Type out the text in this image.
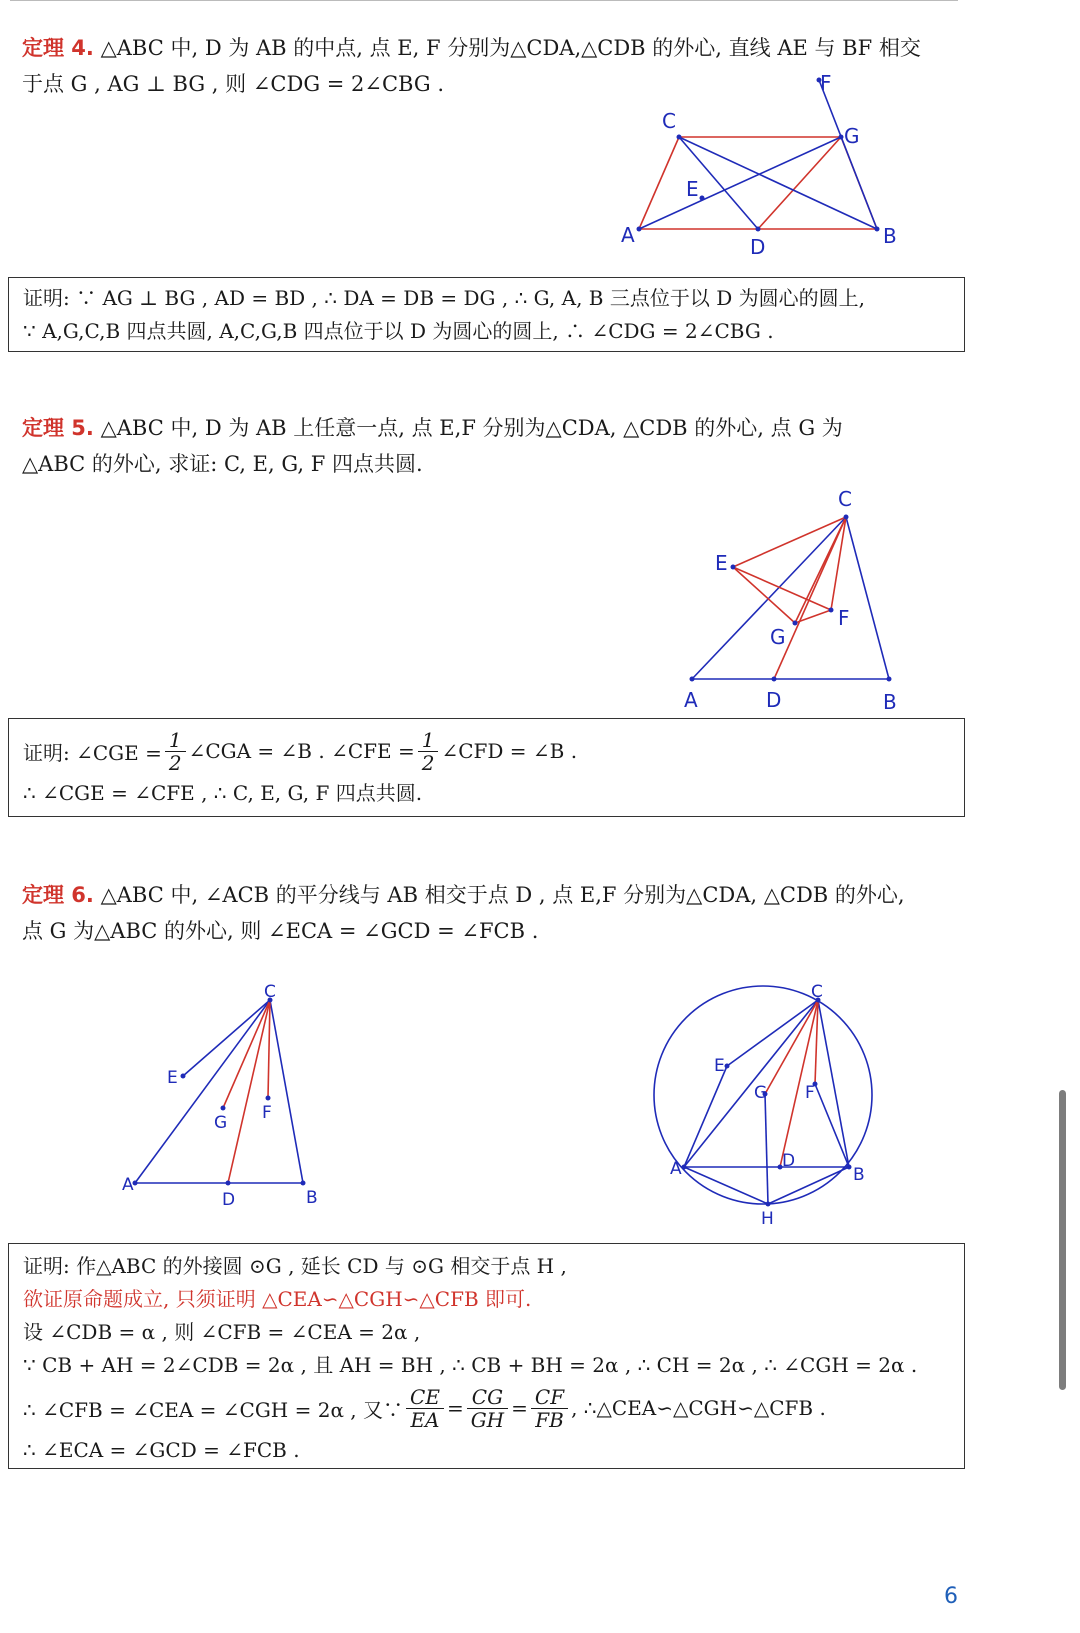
定理 4. △ABC 中, D 为 AB 的中点, 点 E, F 分别为△CDA,△CDB 的外心, 直线 AE 与 BF 相交
于点 G , AG ⊥ BG , 则 ∠CDG = 2∠CBG .
C
G
E
A	D	B
F
证明: ∵ AG ⊥ BG , AD = BD , ∴ DA = DB = DG , ∴ G, A, B 三点位于以 D 为圆心的圆上,
∵ A,G,C,B 四点共圆, A,C,G,B 四点位于以 D 为圆心的圆上, ∴ ∠CDG = 2∠CBG .
定理 5. △ABC 中, D 为 AB 上任意一点, 点 E,F 分别为△CDA, △CDB 的外心, 点 G 为
△ABC 的外心, 求证: C, E, G, F 四点共圆.
C
E
F
G
A	D	B
证明: ∠CGE = $\frac{1}{2}$ ∠CGA = ∠B . ∠CFE = $\frac{1}{2}$ ∠CFD = ∠B .
∴ ∠CGE = ∠CFE , ∴ C, E, G, F 四点共圆.
定理 6. △ABC 中, ∠ACB 的平分线与 AB 相交于点 D , 点 E,F 分别为△CDA, △CDB 的外心,
点 G 为△ABC 的外心, 则 ∠ECA = ∠GCD = ∠FCB .
C
E
G F
A
D	B
C
E
G F
A	D
B
H
证明: 作△ABC 的外接圆 ⊙G , 延长 CD 与 ⊙G 相交于点 H ,
欲证原命题成立, 只须证明 △CEA∽△CGH∽△CFB 即可.
设 ∠CDB = α , 则 ∠CFB = ∠CEA = 2α ,
∵ CB + AH = 2∠CDB = 2α , 且 AH = BH , ∴ CB + BH = 2α , ∴ CH = 2α , ∴ ∠CGH = 2α .
∴ ∠CFB = ∠CEA = ∠CGH = 2α , 又∵ $\frac{CE}{EA} = \frac{CG}{GH} = \frac{CF}{FB}$ , ∴△CEA∽△CGH∽△CFB .
∴ ∠ECA = ∠GCD = ∠FCB .
6
